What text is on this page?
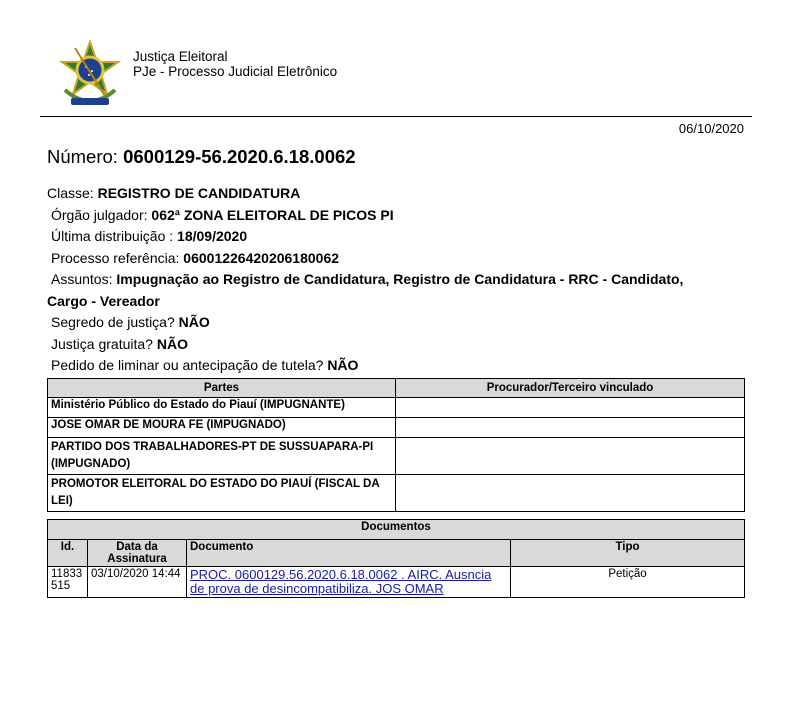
Justiça Eleitoral
PJe - Processo Judicial Eletrônico
06/10/2020
Número: 0600129-56.2020.6.18.0062
Classe: REGISTRO DE CANDIDATURA
Órgão julgador: 062ª ZONA ELEITORAL DE PICOS PI
Última distribuição : 18/09/2020
Processo referência: 06001226420206180062
Assuntos: Impugnação ao Registro de Candidatura, Registro de Candidatura - RRC - Candidato,
Cargo - Vereador
Segredo de justiça? NÃO
Justiça gratuita? NÃO
Pedido de liminar ou antecipação de tutela? NÃO
Partes	Procurador/Terceiro vinculado
Ministério Público do Estado do Piauí (IMPUGNANTE)	
JOSE OMAR DE MOURA FE (IMPUGNADO)	
PARTIDO DOS TRABALHADORES-PT DE SUSSUAPARA-PI (IMPUGNADO)	
PROMOTOR ELEITORAL DO ESTADO DO PIAUÍ (FISCAL DA LEI)	
Documentos			
Id.	Data da Assinatura	Documento	Tipo
11833 515	03/10/2020 14:44	PROC. 0600129.56.2020.6.18.0062 . AIRC. Ausncia de prova de desincompatibiliza. JOS OMAR	Petição
